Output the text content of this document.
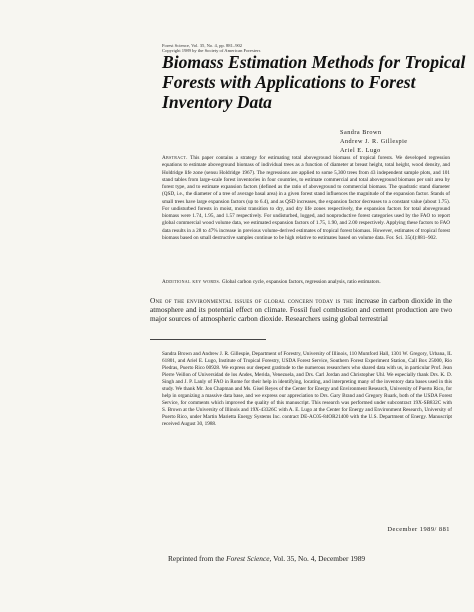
Forest Science, Vol. 35, No. 4, pp. 881–902
Copyright 1989 by the Society of American Foresters
Biomass Estimation Methods for Tropical
Forests with Applications to Forest
Inventory Data
Sandra Brown
Andrew J. R. Gillespie
Ariel E. Lugo
Abstract. This paper contains a strategy for estimating total aboveground biomass of tropical forests. We developed regression equations to estimate aboveground biomass of individual trees as a function of diameter at breast height, total height, wood density, and Holdridge life zone (sensu Holdridge 1967). The regressions are applied to some 5,300 trees from 43 independent sample plots, and 101 stand tables from large-scale forest inventories in four countries, to estimate commercial and total aboveground biomass per unit area by forest type, and to estimate expansion factors (defined as the ratio of aboveground to commercial biomass. The quadratic stand diameter (QSD, i.e., the diameter of a tree of average basal area) in a given forest stand influences the magnitude of the expansion factor. Stands of small trees have large expansion factors (up to 6.4), and as QSD increases, the expansion factor decreases to a constant value (about 1.75). For undisturbed forests in moist, moist transition to dry, and dry life zones respectively, the expansion factors for total aboveground biomass were 1.74, 1.95, and 1.57 respectively. For undisturbed, logged, and nonproductive forest categories used by the FAO to report global commercial wood volume data, we estimated expansion factors of 1.75, 1.90, and 2.00 respectively. Applying these factors to FAO data results in a 28 to 47% increase in previous volume-derived estimates of tropical forest biomass. However, estimates of tropical forest biomass based on small destructive samples continue to be high relative to estimates based on volume data. For. Sci. 35(4):881–902.
Additional key words. Global carbon cycle, expansion factors, regression analysis, ratio estimators.
One of the environmental issues of global concern today is the increase in carbon dioxide in the atmosphere and its potential effect on climate. Fossil fuel combustion and cement production are two major sources of atmospheric carbon dioxide. Researchers using global terrestrial
Sandra Brown and Andrew J. R. Gillespie, Department of Forestry, University of Illinois, 110 Mumford Hall, 1301 W. Gregory, Urbana, IL 61801, and Ariel E. Lugo, Institute of Tropical Forestry, USDA Forest Service, Southern Forest Experiment Station, Call Box 25000, Rio Piedras, Puerto Rico 00928. We express our deepest gratitude to the numerous researchers who shared data with us, in particular Prof. Jean Pierre Veillon of Universidad de los Andes, Merida, Venezuela, and Drs. Carl Jordan and Christopher Uhl. We especially thank Drs. K. D. Singh and J. P. Lanly of FAO in Rome for their help in identifying, locating, and interpreting many of the inventory data bases used in this study. We thank Mr. Jon Chapman and Ms. Gisel Reyes of the Center for Energy and Environment Research, University of Puerto Rico, for help in organizing a massive data base, and we express our appreciation to Drs. Gary Brand and Gregory Ruark, both of the USDA Forest Service, for comments which improved the quality of this manuscript. This research was performed under subcontract 19X-SB832C with S. Brown at the University of Illinois and 19X-43326C with A. E. Lugo at the Center for Energy and Environment Research, University of Puerto Rico, under Martin Marietta Energy Systems Inc. contract DE-AC05-84OR21400 with the U.S. Department of Energy. Manuscript received August 30, 1988.
December 1989/ 881
Reprinted from the Forest Science, Vol. 35, No. 4, December 1989
